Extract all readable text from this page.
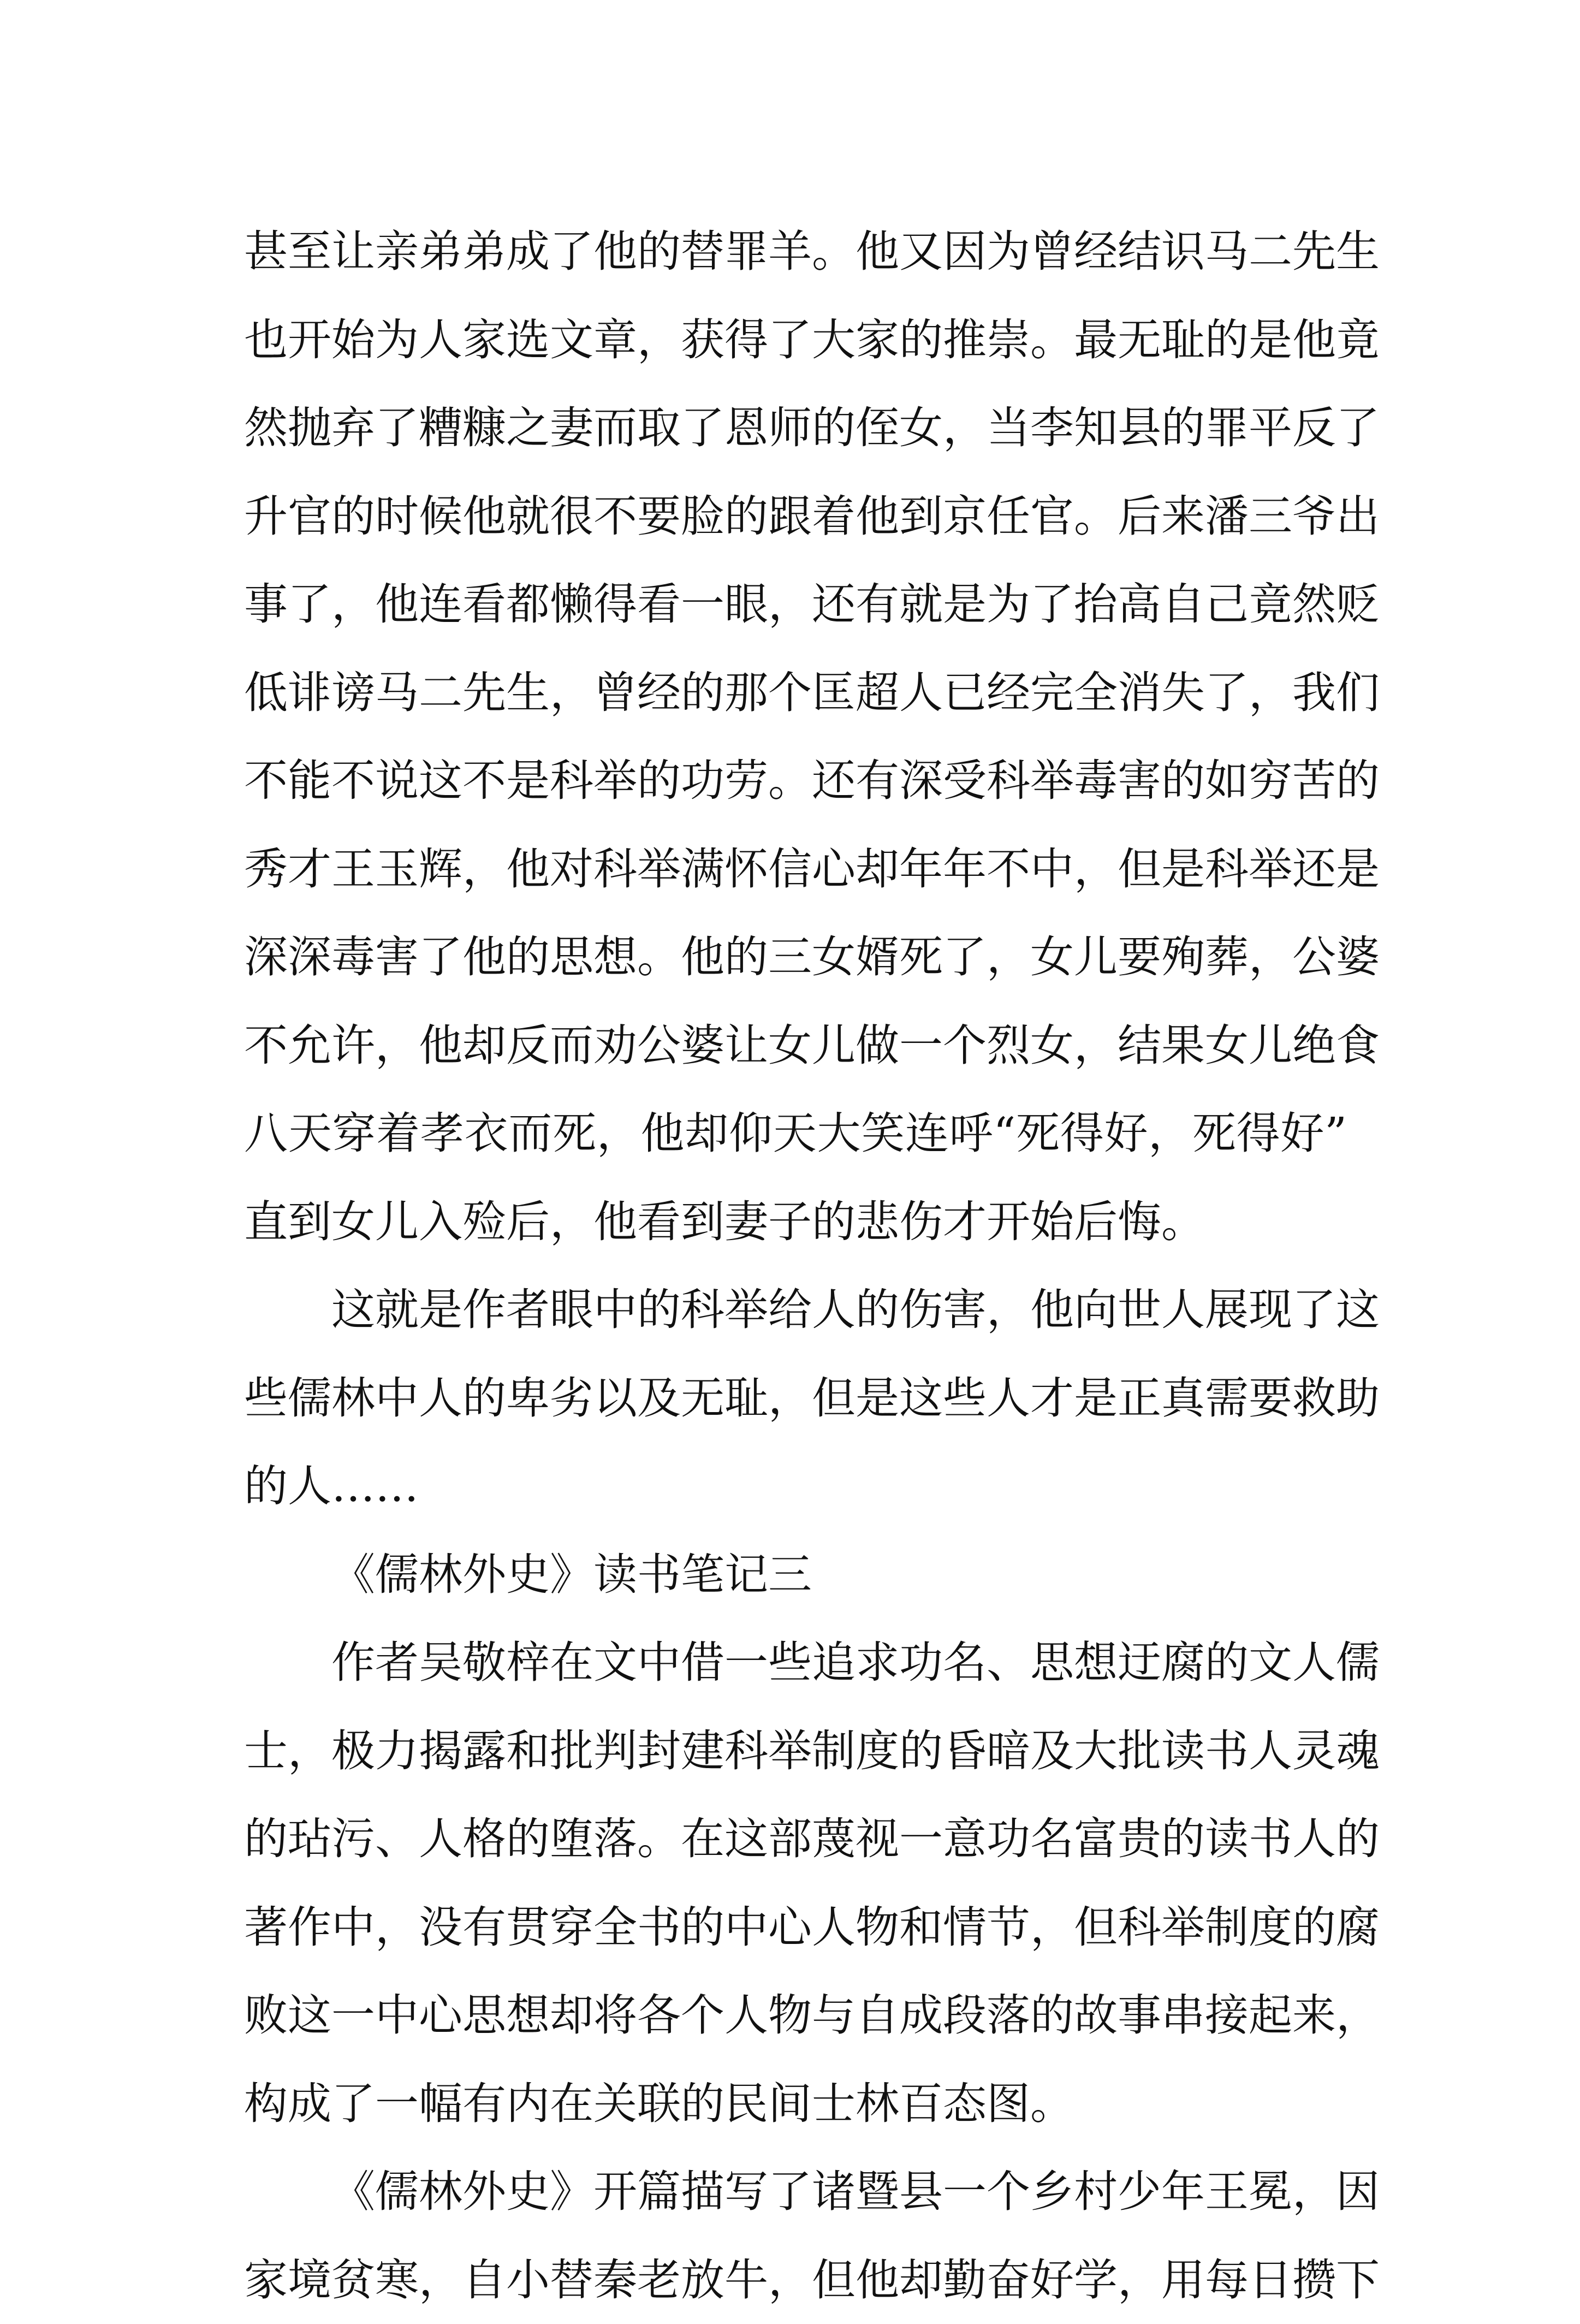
甚至让亲弟弟成了他的替罪羊。他又因为曾经结识马二先生
也开始为人家选文章，获得了大家的推崇。最无耻的是他竟
然抛弃了糟糠之妻而取了恩师的侄女，当李知县的罪平反了
升官的时候他就很不要脸的跟着他到京任官。后来潘三爷出
事了，他连看都懒得看一眼，还有就是为了抬高自己竟然贬
低诽谤马二先生，曾经的那个匡超人已经完全消失了，我们
不能不说这不是科举的功劳。还有深受科举毒害的如穷苦的
秀才王玉辉，他对科举满怀信心却年年不中，但是科举还是
深深毒害了他的思想。他的三女婿死了，女儿要殉葬，公婆
不允许，他却反而劝公婆让女儿做一个烈女，结果女儿绝食
八天穿着孝衣而死，他却仰天大笑连呼“死得好，死得好”
直到女儿入殓后，他看到妻子的悲伤才开始后悔。
这就是作者眼中的科举给人的伤害，他向世人展现了这
些儒林中人的卑劣以及无耻，但是这些人才是正真需要救助
的人……
《儒林外史》读书笔记三
作者吴敬梓在文中借一些追求功名、思想迂腐的文人儒
士，极力揭露和批判封建科举制度的昏暗及大批读书人灵魂
的玷污、人格的堕落。在这部蔑视一意功名富贵的读书人的
著作中，没有贯穿全书的中心人物和情节，但科举制度的腐
败这一中心思想却将各个人物与自成段落的故事串接起来，
构成了一幅有内在关联的民间士林百态图。
《儒林外史》开篇描写了诸暨县一个乡村少年王冕，因
家境贫寒，自小替秦老放牛，但他却勤奋好学，用每日攒下
